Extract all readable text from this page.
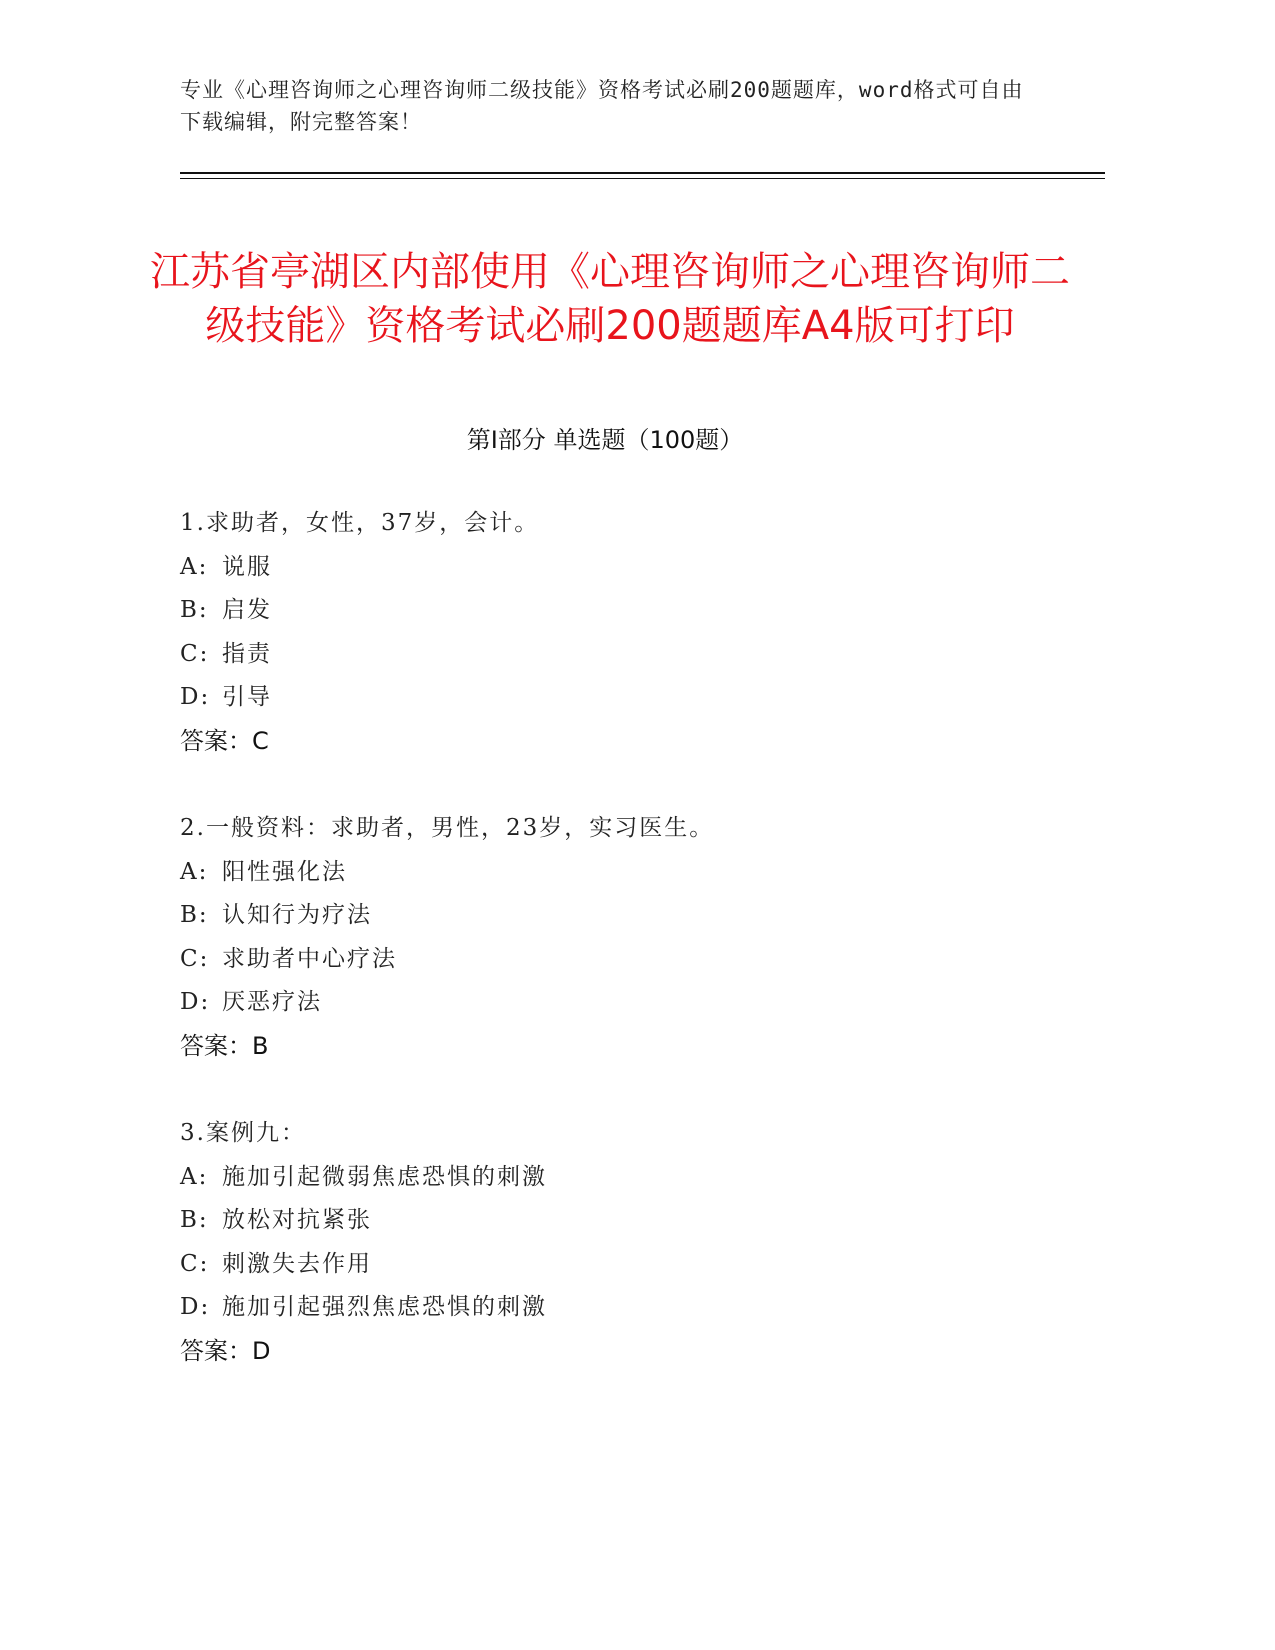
专业《心理咨询师之心理咨询师二级技能》资格考试必刷200题题库，word格式可自由下载编辑，附完整答案！
江苏省亭湖区内部使用《心理咨询师之心理咨询师二级技能》资格考试必刷200题题库A4版可打印
第Ⅰ部分 单选题（100题）
1.求助者，女性，37岁，会计。
A: 说服
B: 启发
C: 指责
D: 引导
答案：C
2.一般资料：求助者，男性，23岁，实习医生。
A: 阳性强化法
B: 认知行为疗法
C: 求助者中心疗法
D: 厌恶疗法
答案：B
3.案例九：
A: 施加引起微弱焦虑恐惧的刺激
B: 放松对抗紧张
C: 刺激失去作用
D: 施加引起强烈焦虑恐惧的刺激
答案：D
